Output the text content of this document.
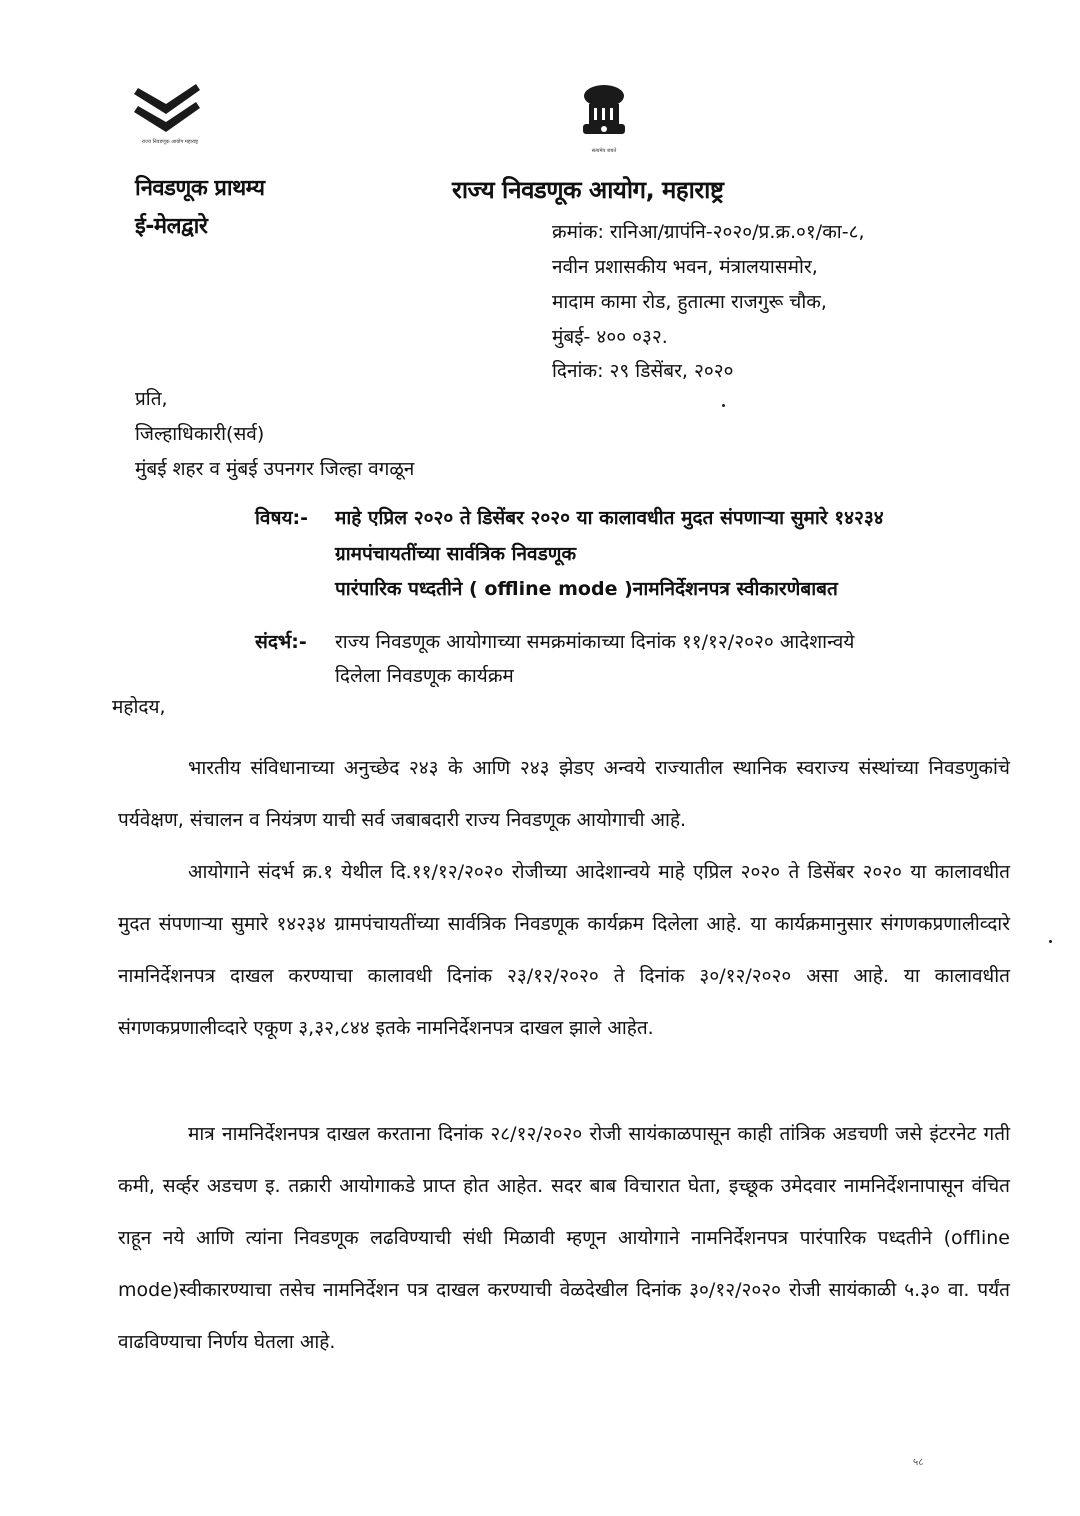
राज्य निवडणूक आयोग महाराष्ट्र
सत्यमेव जयते
निवडणूक प्राथम्य
ई-मेलद्वारे
राज्य निवडणूक आयोग, महाराष्ट्र
क्रमांक: रानिआ/ग्रापंनि-२०२०/प्र.क्र.०१/का-८,
नवीन प्रशासकीय भवन, मंत्रालयासमोर,
मादाम कामा रोड, हुतात्मा राजगुरू चौक,
मुंबई- ४०० ०३२.
दिनांक: २९ डिसेंबर, २०२०
प्रति,
जिल्हाधिकारी(सर्व)
मुंबई शहर व मुंबई उपनगर जिल्हा वगळून
विषय:- माहे एप्रिल २०२० ते डिसेंबर २०२० या कालावधीत मुदत संपणाऱ्या सुमारे १४२३४
ग्रामपंचायतींच्या सार्वत्रिक निवडणूक
पारंपारिक पध्दतीने ( offline mode )नामनिर्देशनपत्र स्वीकारणेबाबत
संदर्भ:- राज्य निवडणूक आयोगाच्या समक्रमांकाच्या दिनांक ११/१२/२०२० आदेशान्वये
दिलेला निवडणूक कार्यक्रम
महोदय,
भारतीय संविधानाच्या अनुच्छेद २४३ के आणि २४३ झेडए अन्वये राज्यातील स्थानिक स्वराज्य संस्थांच्या निवडणुकांचे पर्यवेक्षण, संचालन व नियंत्रण याची सर्व जबाबदारी राज्य निवडणूक आयोगाची आहे.
आयोगाने संदर्भ क्र.१ येथील दि.११/१२/२०२० रोजीच्या आदेशान्वये माहे एप्रिल २०२० ते डिसेंबर २०२० या कालावधीत मुदत संपणाऱ्या सुमारे १४२३४ ग्रामपंचायतींच्या सार्वत्रिक निवडणूक कार्यक्रम दिलेला आहे. या कार्यक्रमानुसार संगणकप्रणालीव्दारे नामनिर्देशनपत्र दाखल करण्याचा कालावधी दिनांक २३/१२/२०२० ते दिनांक ३०/१२/२०२० असा आहे. या कालावधीत संगणकप्रणालीव्दारे एकूण ३,३२,८४४ इतके नामनिर्देशनपत्र दाखल झाले आहेत.
मात्र नामनिर्देशनपत्र दाखल करताना दिनांक २८/१२/२०२० रोजी सायंकाळपासून काही तांत्रिक अडचणी जसे इंटरनेट गती कमी, सर्व्हर अडचण इ. तक्रारी आयोगाकडे प्राप्त होत आहेत. सदर बाब विचारात घेता, इच्छूक उमेदवार नामनिर्देशनापासून वंचित राहून नये आणि त्यांना निवडणूक लढविण्याची संधी मिळावी म्हणून आयोगाने नामनिर्देशनपत्र पारंपारिक पध्दतीने (offline mode)स्वीकारण्याचा तसेच नामनिर्देशन पत्र दाखल करण्याची वेळदेखील दिनांक ३०/१२/२०२० रोजी सायंकाळी ५.३० वा. पर्यंत वाढविण्याचा निर्णय घेतला आहे.
५८
